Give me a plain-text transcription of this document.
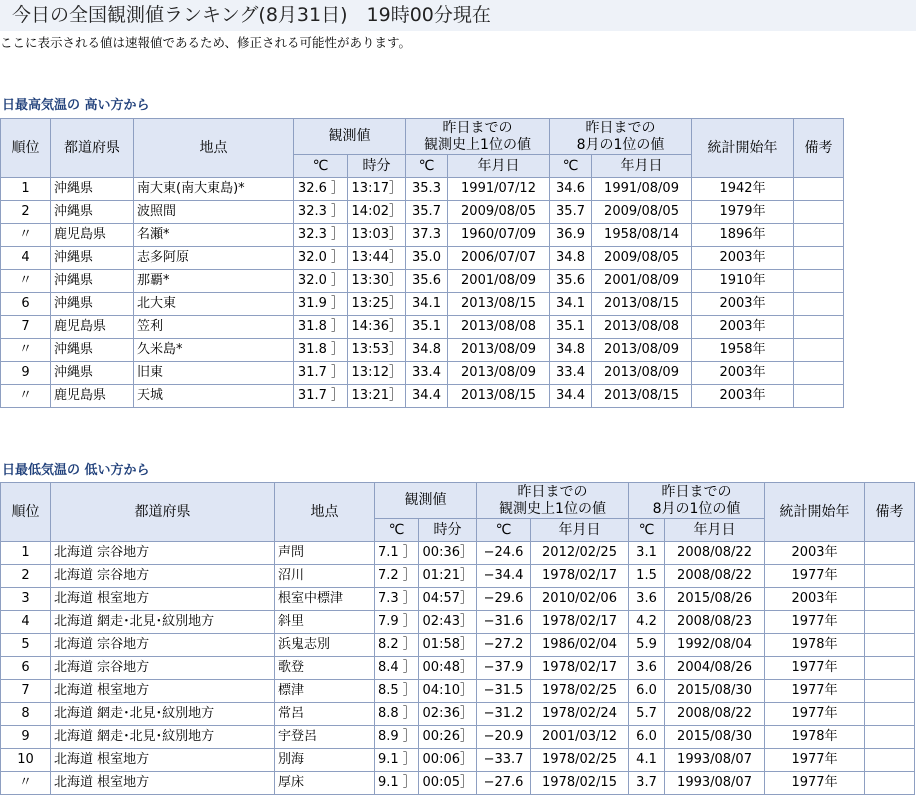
今日の全国観測値ランキング(8月31日)　19時00分現在
ここに表示される値は速報値であるため、修正される可能性があります。
日最高気温の 高い方から
順位	都道府県	地点	観測値		昨日までの
観測史上1位の値		昨日までの
8月の1位の値		統計開始年	備考
			℃	時分	℃	年月日	℃	年月日		
1	沖縄県	南大東(南大東島)*	32.6 ］	13:17］	35.3	1991/07/12	34.6	1991/08/09	1942年	
2	沖縄県	波照間	32.3 ］	14:02］	35.7	2009/08/05	35.7	2009/08/05	1979年	
〃	鹿児島県	名瀬*	32.3 ］	13:03］	37.3	1960/07/09	36.9	1958/08/14	1896年	
4	沖縄県	志多阿原	32.0 ］	13:44］	35.0	2006/07/07	34.8	2009/08/05	2003年	
〃	沖縄県	那覇*	32.0 ］	13:30］	35.6	2001/08/09	35.6	2001/08/09	1910年	
6	沖縄県	北大東	31.9 ］	13:25］	34.1	2013/08/15	34.1	2013/08/15	2003年	
7	鹿児島県	笠利	31.8 ］	14:36］	35.1	2013/08/08	35.1	2013/08/08	2003年	
〃	沖縄県	久米島*	31.8 ］	13:53］	34.8	2013/08/09	34.8	2013/08/09	1958年	
9	沖縄県	旧東	31.7 ］	13:12］	33.4	2013/08/09	33.4	2013/08/09	2003年	
〃	鹿児島県	天城	31.7 ］	13:21］	34.4	2013/08/15	34.4	2013/08/15	2003年	
日最低気温の 低い方から
順位	都道府県	地点	観測値		昨日までの
観測史上1位の値		昨日までの
8月の1位の値		統計開始年	備考
			℃	時分	℃	年月日	℃	年月日		
1	北海道 宗谷地方	声問	7.1 ］	00:36］	−24.6	2012/02/25	3.1	2008/08/22	2003年	
2	北海道 宗谷地方	沼川	7.2 ］	01:21］	−34.4	1978/02/17	1.5	2008/08/22	1977年	
3	北海道 根室地方	根室中標津	7.3 ］	04:57］	−29.6	2010/02/06	3.6	2015/08/26	2003年	
4	北海道 網走･北見･紋別地方	斜里	7.9 ］	02:43］	−31.6	1978/02/17	4.2	2008/08/23	1977年	
5	北海道 宗谷地方	浜鬼志別	8.2 ］	01:58］	−27.2	1986/02/04	5.9	1992/08/04	1978年	
6	北海道 宗谷地方	歌登	8.4 ］	00:48］	−37.9	1978/02/17	3.6	2004/08/26	1977年	
7	北海道 根室地方	標津	8.5 ］	04:10］	−31.5	1978/02/25	6.0	2015/08/30	1977年	
8	北海道 網走･北見･紋別地方	常呂	8.8 ］	02:36］	−31.2	1978/02/24	5.7	2008/08/22	1977年	
9	北海道 網走･北見･紋別地方	宇登呂	8.9 ］	00:26］	−20.9	2001/03/12	6.0	2015/08/30	1978年	
10	北海道 根室地方	別海	9.1 ］	00:06］	−33.7	1978/02/25	4.1	1993/08/07	1977年	
〃	北海道 根室地方	厚床	9.1 ］	00:05］	−27.6	1978/02/15	3.7	1993/08/07	1977年	
